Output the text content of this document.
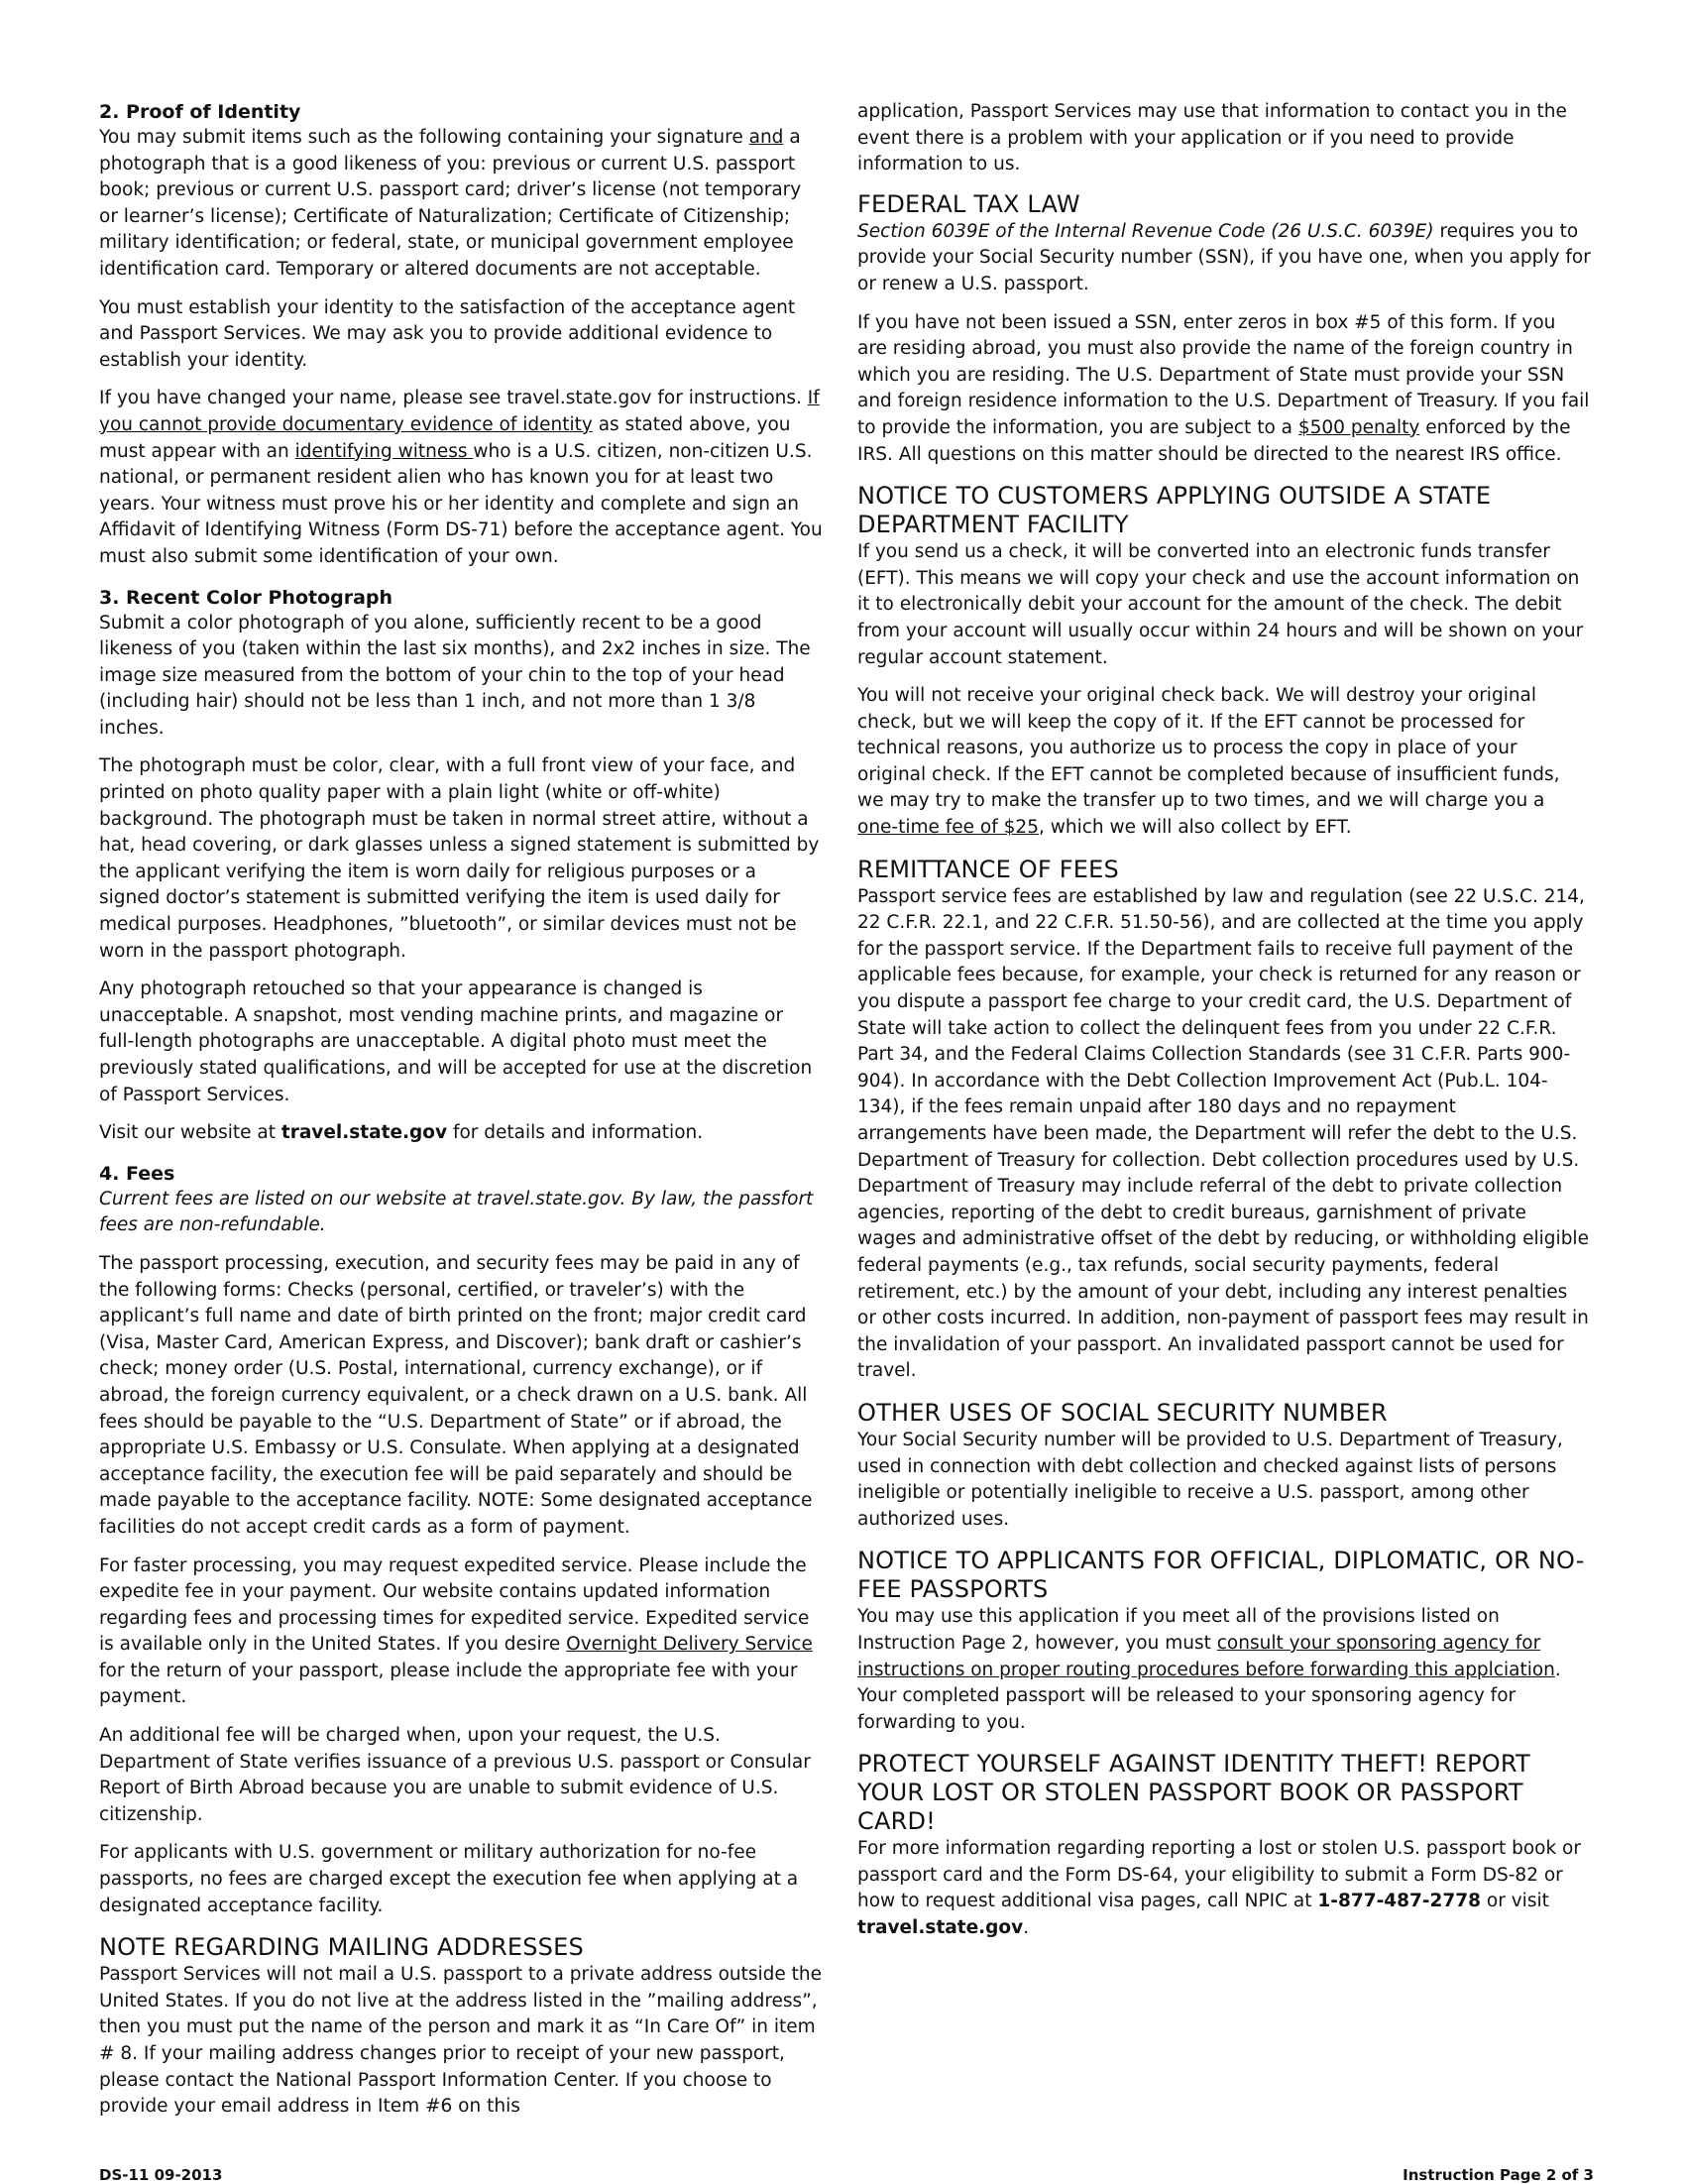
2. Proof of Identity

You may submit items such as the following containing your signature and a photograph that is a good likeness of you: previous or current U.S. passport book; previous or current U.S. passport card; driver’s license (not temporary or learner’s license); Certificate of Naturalization; Certificate of Citizenship; military identification; or federal, state, or municipal government employee identification card. Temporary or altered documents are not acceptable.

You must establish your identity to the satisfaction of the acceptance agent and Passport Services. We may ask you to provide additional evidence to establish your identity.

If you have changed your name, please see travel.state.gov for instructions. If you cannot provide documentary evidence of identity as stated above, you must appear with an identifying witness who is a U.S. citizen, non-citizen U.S. national, or permanent resident alien who has known you for at least two years. Your witness must prove his or her identity and complete and sign an Affidavit of Identifying Witness (Form DS-71) before the acceptance agent. You must also submit some identification of your own.

3. Recent Color Photograph

Submit a color photograph of you alone, sufficiently recent to be a good likeness of you (taken within the last six months), and 2x2 inches in size. The image size measured from the bottom of your chin to the top of your head (including hair) should not be less than 1 inch, and not more than 1 3/8 inches.

The photograph must be color, clear, with a full front view of your face, and printed on photo quality paper with a plain light (white or off-white) background. The photograph must be taken in normal street attire, without a hat, head covering, or dark glasses unless a signed statement is submitted by the applicant verifying the item is worn daily for religious purposes or a signed doctor’s statement is submitted verifying the item is used daily for medical purposes. Headphones, ”bluetooth”, or similar devices must not be worn in the passport photograph.

Any photograph retouched so that your appearance is changed is unacceptable. A snapshot, most vending machine prints, and magazine or full-length photographs are unacceptable. A digital photo must meet the previously stated qualifications, and will be accepted for use at the discretion of Passport Services.

Visit our website at travel.state.gov for details and information.

4. Fees

Current fees are listed on our website at travel.state.gov. By law, the passfort fees are non-refundable.

The passport processing, execution, and security fees may be paid in any of the following forms: Checks (personal, certified, or traveler’s) with the applicant’s full name and date of birth printed on the front; major credit card (Visa, Master Card, American Express, and Discover); bank draft or cashier’s check; money order (U.S. Postal, international, currency exchange), or if abroad, the foreign currency equivalent, or a check drawn on a U.S. bank. All fees should be payable to the “U.S. Department of State” or if abroad, the appropriate U.S. Embassy or U.S. Consulate. When applying at a designated acceptance facility, the execution fee will be paid separately and should be made payable to the acceptance facility. NOTE: Some designated acceptance facilities do not accept credit cards as a form of payment.

For faster processing, you may request expedited service. Please include the expedite fee in your payment. Our website contains updated information regarding fees and processing times for expedited service. Expedited service is available only in the United States. If you desire Overnight Delivery Service for the return of your passport, please include the appropriate fee with your payment.

An additional fee will be charged when, upon your request, the U.S. Department of State verifies issuance of a previous U.S. passport or Consular Report of Birth Abroad because you are unable to submit evidence of U.S. citizenship.

For applicants with U.S. government or military authorization for no-fee passports, no fees are charged except the execution fee when applying at a designated acceptance facility.

NOTE REGARDING MAILING ADDRESSES

Passport Services will not mail a U.S. passport to a private address outside the United States. If you do not live at the address listed in the ”mailing address”, then you must put the name of the person and mark it as “In Care Of” in item # 8. If your mailing address changes prior to receipt of your new passport, please contact the National Passport Information Center. If you choose to provide your email address in Item #6 on this

application, Passport Services may use that information to contact you in the event there is a problem with your application or if you need to provide information to us.

FEDERAL TAX LAW

Section 6039E of the Internal Revenue Code (26 U.S.C. 6039E) requires you to provide your Social Security number (SSN), if you have one, when you apply for or renew a U.S. passport.

If you have not been issued a SSN, enter zeros in box #5 of this form. If you are residing abroad, you must also provide the name of the foreign country in which you are residing. The U.S. Department of State must provide your SSN and foreign residence information to the U.S. Department of Treasury. If you fail to provide the information, you are subject to a $500 penalty enforced by the IRS. All questions on this matter should be directed to the nearest IRS office.

NOTICE TO CUSTOMERS APPLYING OUTSIDE A STATE DEPARTMENT FACILITY

If you send us a check, it will be converted into an electronic funds transfer (EFT). This means we will copy your check and use the account information on it to electronically debit your account for the amount of the check. The debit from your account will usually occur within 24 hours and will be shown on your regular account statement.

You will not receive your original check back. We will destroy your original check, but we will keep the copy of it. If the EFT cannot be processed for technical reasons, you authorize us to process the copy in place of your original check. If the EFT cannot be completed because of insufficient funds, we may try to make the transfer up to two times, and we will charge you a one-time fee of $25, which we will also collect by EFT.

REMITTANCE OF FEES

Passport service fees are established by law and regulation (see 22 U.S.C. 214, 22 C.F.R. 22.1, and 22 C.F.R. 51.50-56), and are collected at the time you apply for the passport service. If the Department fails to receive full payment of the applicable fees because, for example, your check is returned for any reason or you dispute a passport fee charge to your credit card, the U.S. Department of State will take action to collect the delinquent fees from you under 22 C.F.R. Part 34, and the Federal Claims Collection Standards (see 31 C.F.R. Parts 900-904). In accordance with the Debt Collection Improvement Act (Pub.L. 104-134), if the fees remain unpaid after 180 days and no repayment arrangements have been made, the Department will refer the debt to the U.S. Department of Treasury for collection. Debt collection procedures used by U.S. Department of Treasury may include referral of the debt to private collection agencies, reporting of the debt to credit bureaus, garnishment of private wages and administrative offset of the debt by reducing, or withholding eligible federal payments (e.g., tax refunds, social security payments, federal retirement, etc.) by the amount of your debt, including any interest penalties or other costs incurred. In addition, non-payment of passport fees may result in the invalidation of your passport. An invalidated passport cannot be used for travel.

OTHER USES OF SOCIAL SECURITY NUMBER

Your Social Security number will be provided to U.S. Department of Treasury, used in connection with debt collection and checked against lists of persons ineligible or potentially ineligible to receive a U.S. passport, among other authorized uses.

NOTICE TO APPLICANTS FOR OFFICIAL, DIPLOMATIC, OR NO-FEE PASSPORTS

You may use this application if you meet all of the provisions listed on Instruction Page 2, however, you must consult your sponsoring agency for instructions on proper routing procedures before forwarding this applciation. Your completed passport will be released to your sponsoring agency for forwarding to you.

PROTECT YOURSELF AGAINST IDENTITY THEFT! REPORT YOUR LOST OR STOLEN PASSPORT BOOK OR PASSPORT CARD!

For more information regarding reporting a lost or stolen U.S. passport book or passport card and the Form DS-64, your eligibility to submit a Form DS-82 or how to request additional visa pages, call NPIC at 1-877-487-2778 or visit travel.state.gov.

DS-11 09-2013	Instruction Page 2 of 3
